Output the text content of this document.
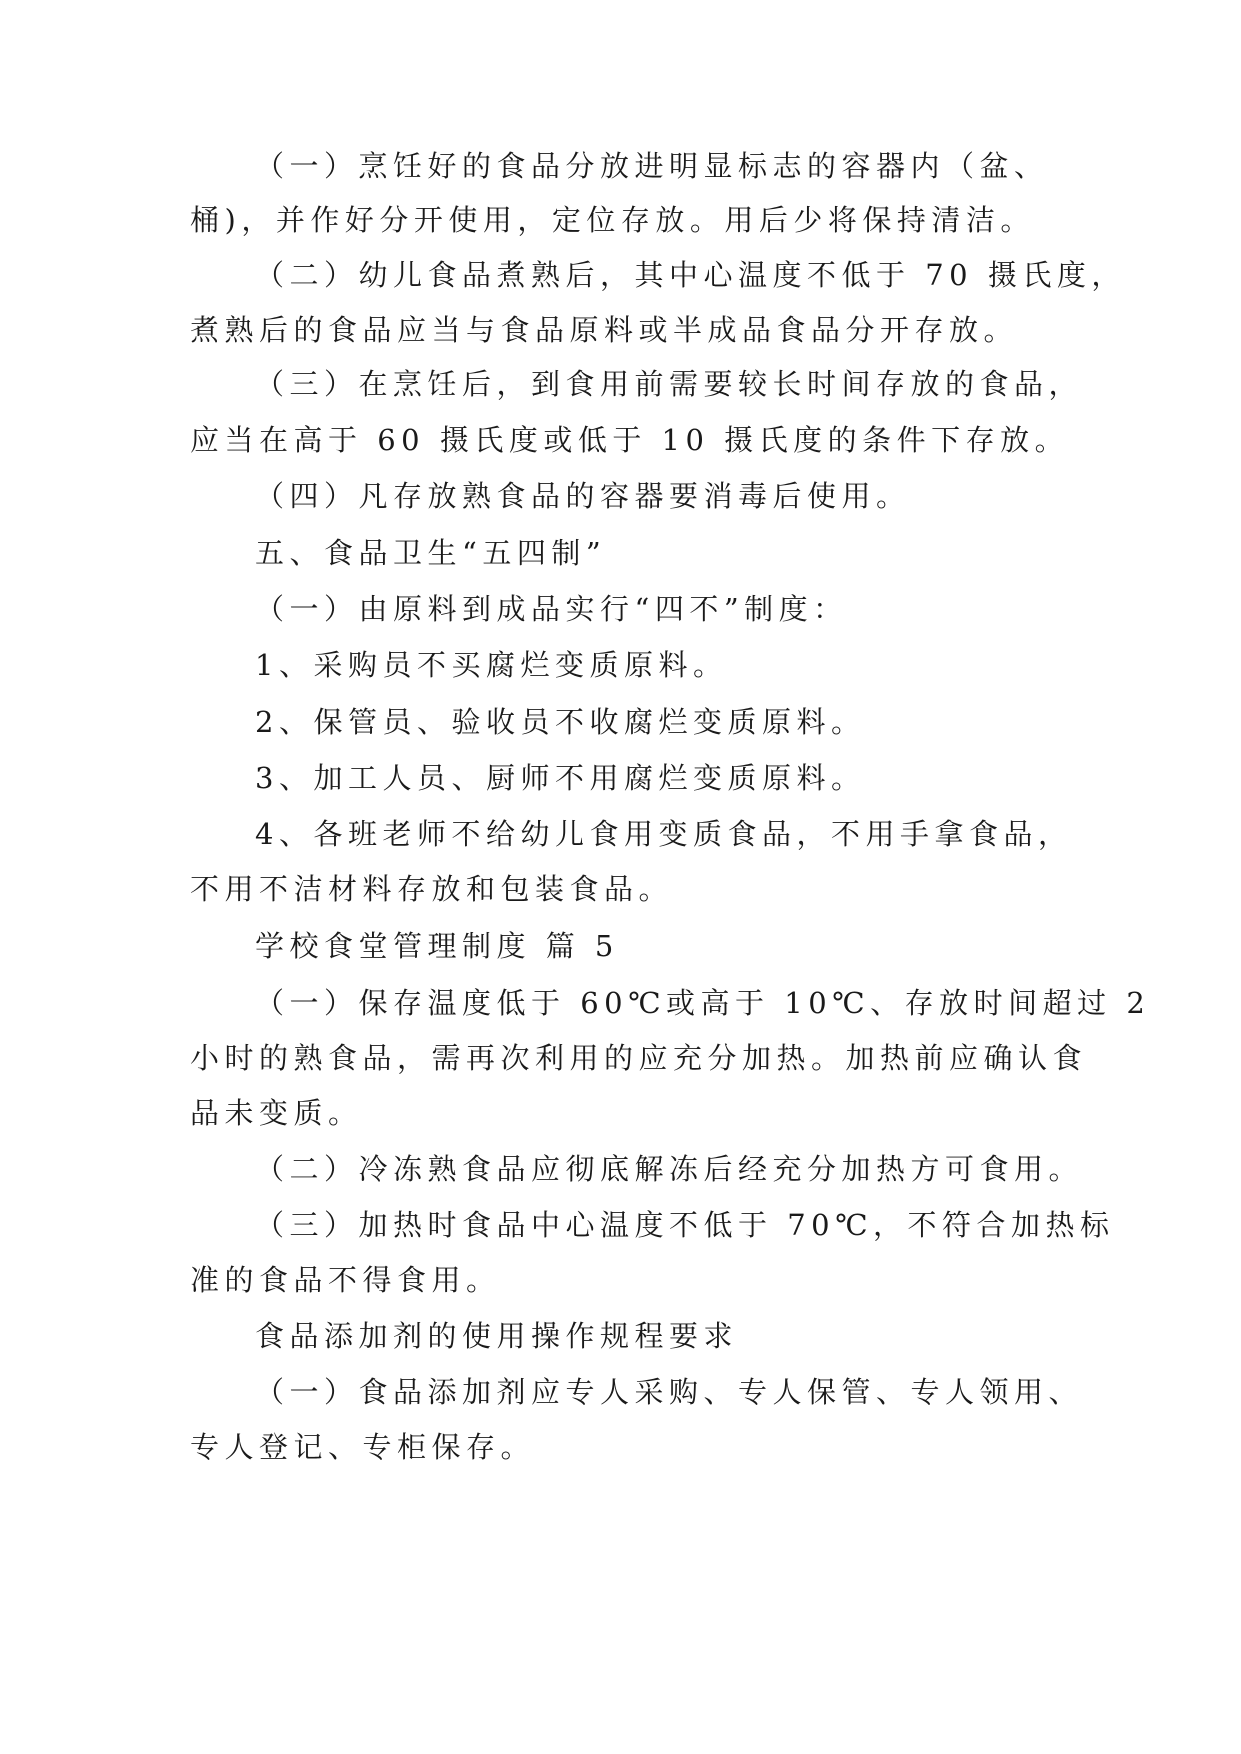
（一）烹饪好的食品分放进明显标志的容器内（盆、
桶)，并作好分开使用，定位存放。用后少将保持清洁。
（二）幼儿食品煮熟后，其中心温度不低于 70 摄氏度，
煮熟后的食品应当与食品原料或半成品食品分开存放。
（三）在烹饪后，到食用前需要较长时间存放的食品，
应当在高于 60 摄氏度或低于 10 摄氏度的条件下存放。
（四）凡存放熟食品的容器要消毒后使用。
五、食品卫生“五四制”
（一）由原料到成品实行“四不”制度：
1、采购员不买腐烂变质原料。
2、保管员、验收员不收腐烂变质原料。
3、加工人员、厨师不用腐烂变质原料。
4、各班老师不给幼儿食用变质食品，不用手拿食品，
不用不洁材料存放和包装食品。
学校食堂管理制度 篇 5
（一）保存温度低于 60℃或高于 10℃、存放时间超过 2
小时的熟食品，需再次利用的应充分加热。加热前应确认食
品未变质。
（二）冷冻熟食品应彻底解冻后经充分加热方可食用。
（三）加热时食品中心温度不低于 70℃，不符合加热标
准的食品不得食用。
食品添加剂的使用操作规程要求
（一）食品添加剂应专人采购、专人保管、专人领用、
专人登记、专柜保存。
